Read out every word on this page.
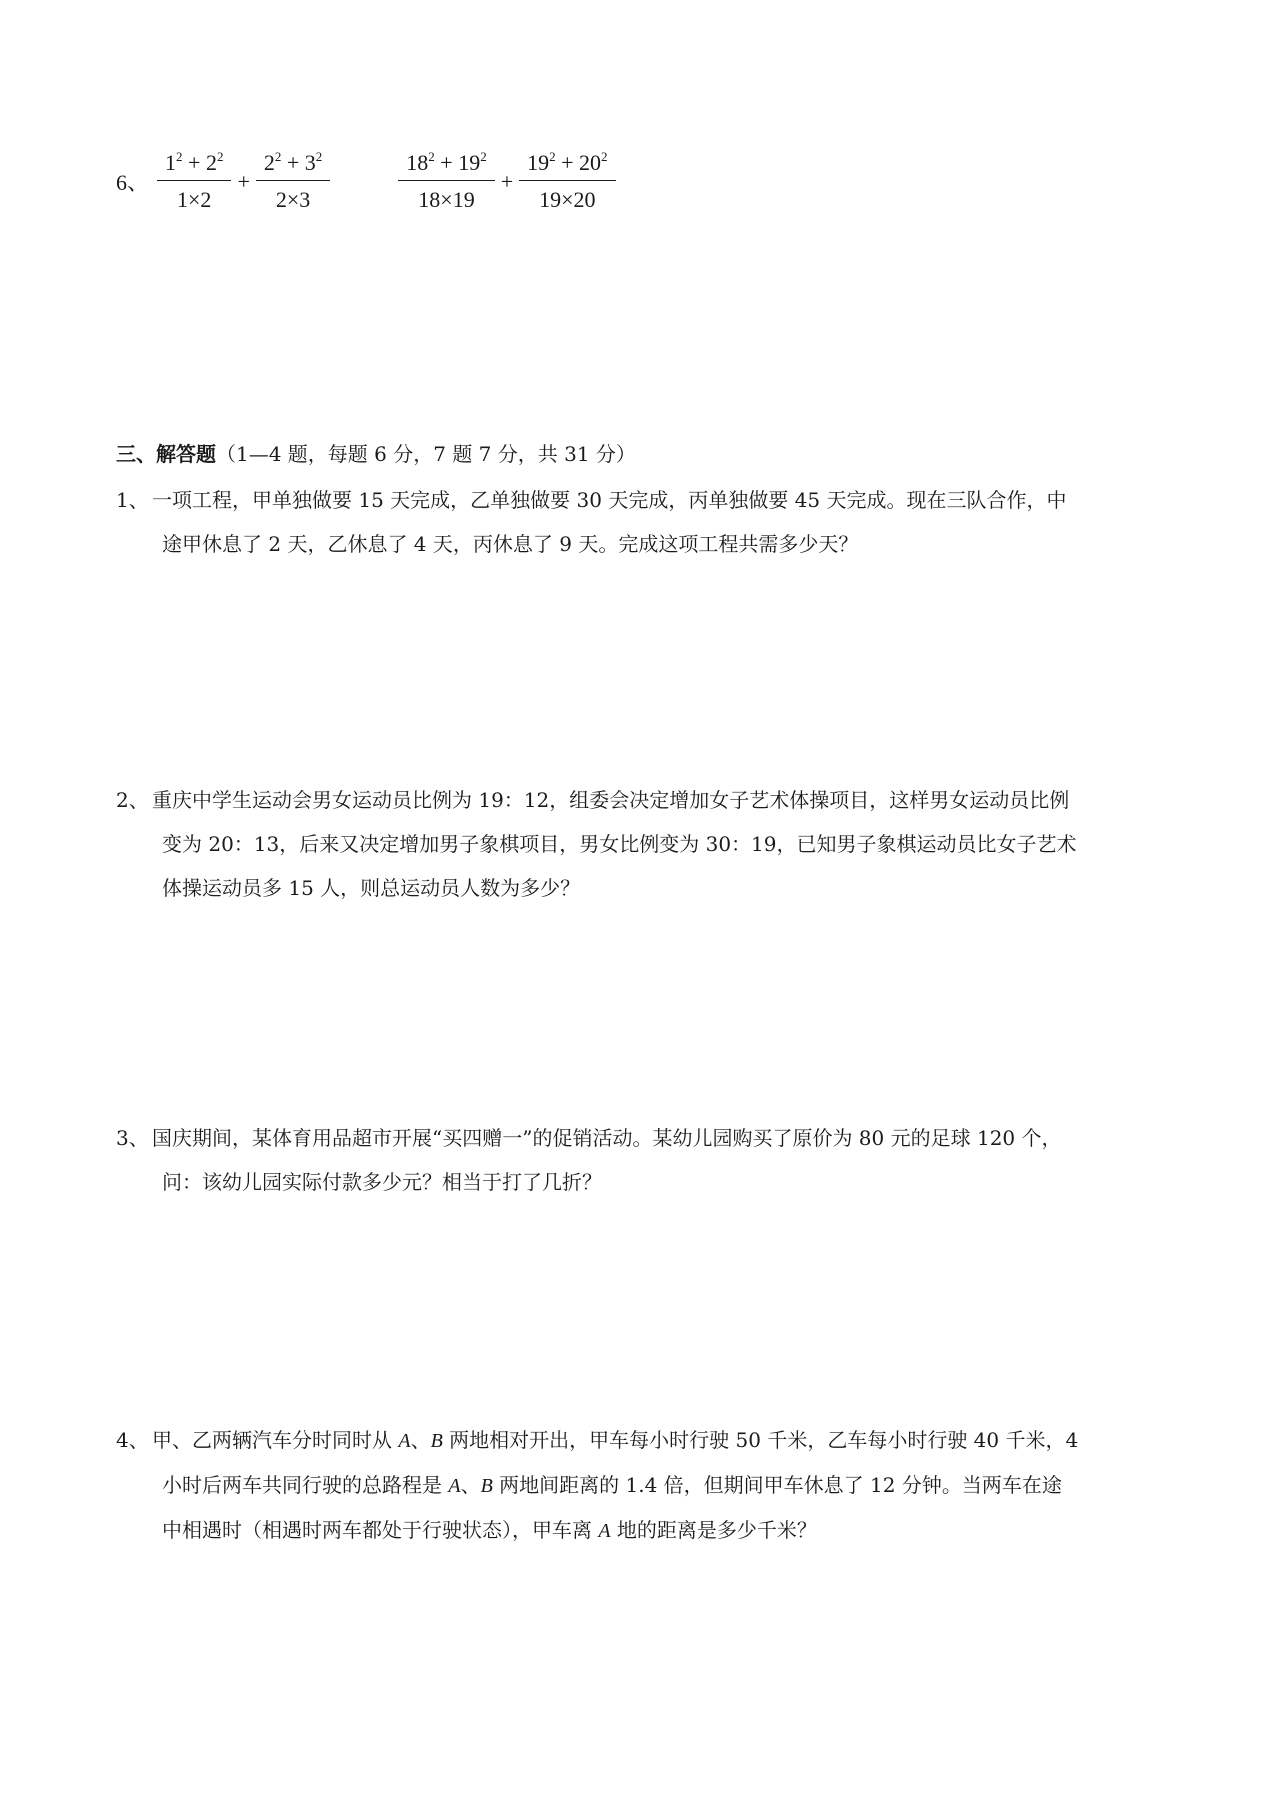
6、 $\frac{1^2 + 2^2}{1\times 2} + \frac{2^2 + 3^2}{2\times 3}$	$\frac{18^2 + 19^2}{18\times 19} + \frac{19^2 + 20^2}{19\times 20}$
三、解答题（1—4 题，每题 6 分，7 题 7 分，共 31 分）
1、 一项工程，甲单独做要 15 天完成，乙单独做要 30 天完成，丙单独做要 45 天完成。现在三队合作，中
途甲休息了 2 天，乙休息了 4 天，丙休息了 9 天。完成这项工程共需多少天？
2、 重庆中学生运动会男女运动员比例为 19：12，组委会决定增加女子艺术体操项目，这样男女运动员比例
变为 20：13，后来又决定增加男子象棋项目，男女比例变为 30：19，已知男子象棋运动员比女子艺术
体操运动员多 15 人，则总运动员人数为多少？
3、 国庆期间，某体育用品超市开展“买四赠一”的促销活动。某幼儿园购买了原价为 80 元的足球 120 个，
问：该幼儿园实际付款多少元？相当于打了几折？
4、 甲、乙两辆汽车分时同时从 A、B 两地相对开出，甲车每小时行驶 50 千米，乙车每小时行驶 40 千米，4
小时后两车共同行驶的总路程是 A、B 两地间距离的 1.4 倍，但期间甲车休息了 12 分钟。当两车在途
中相遇时（相遇时两车都处于行驶状态），甲车离 A 地的距离是多少千米？
